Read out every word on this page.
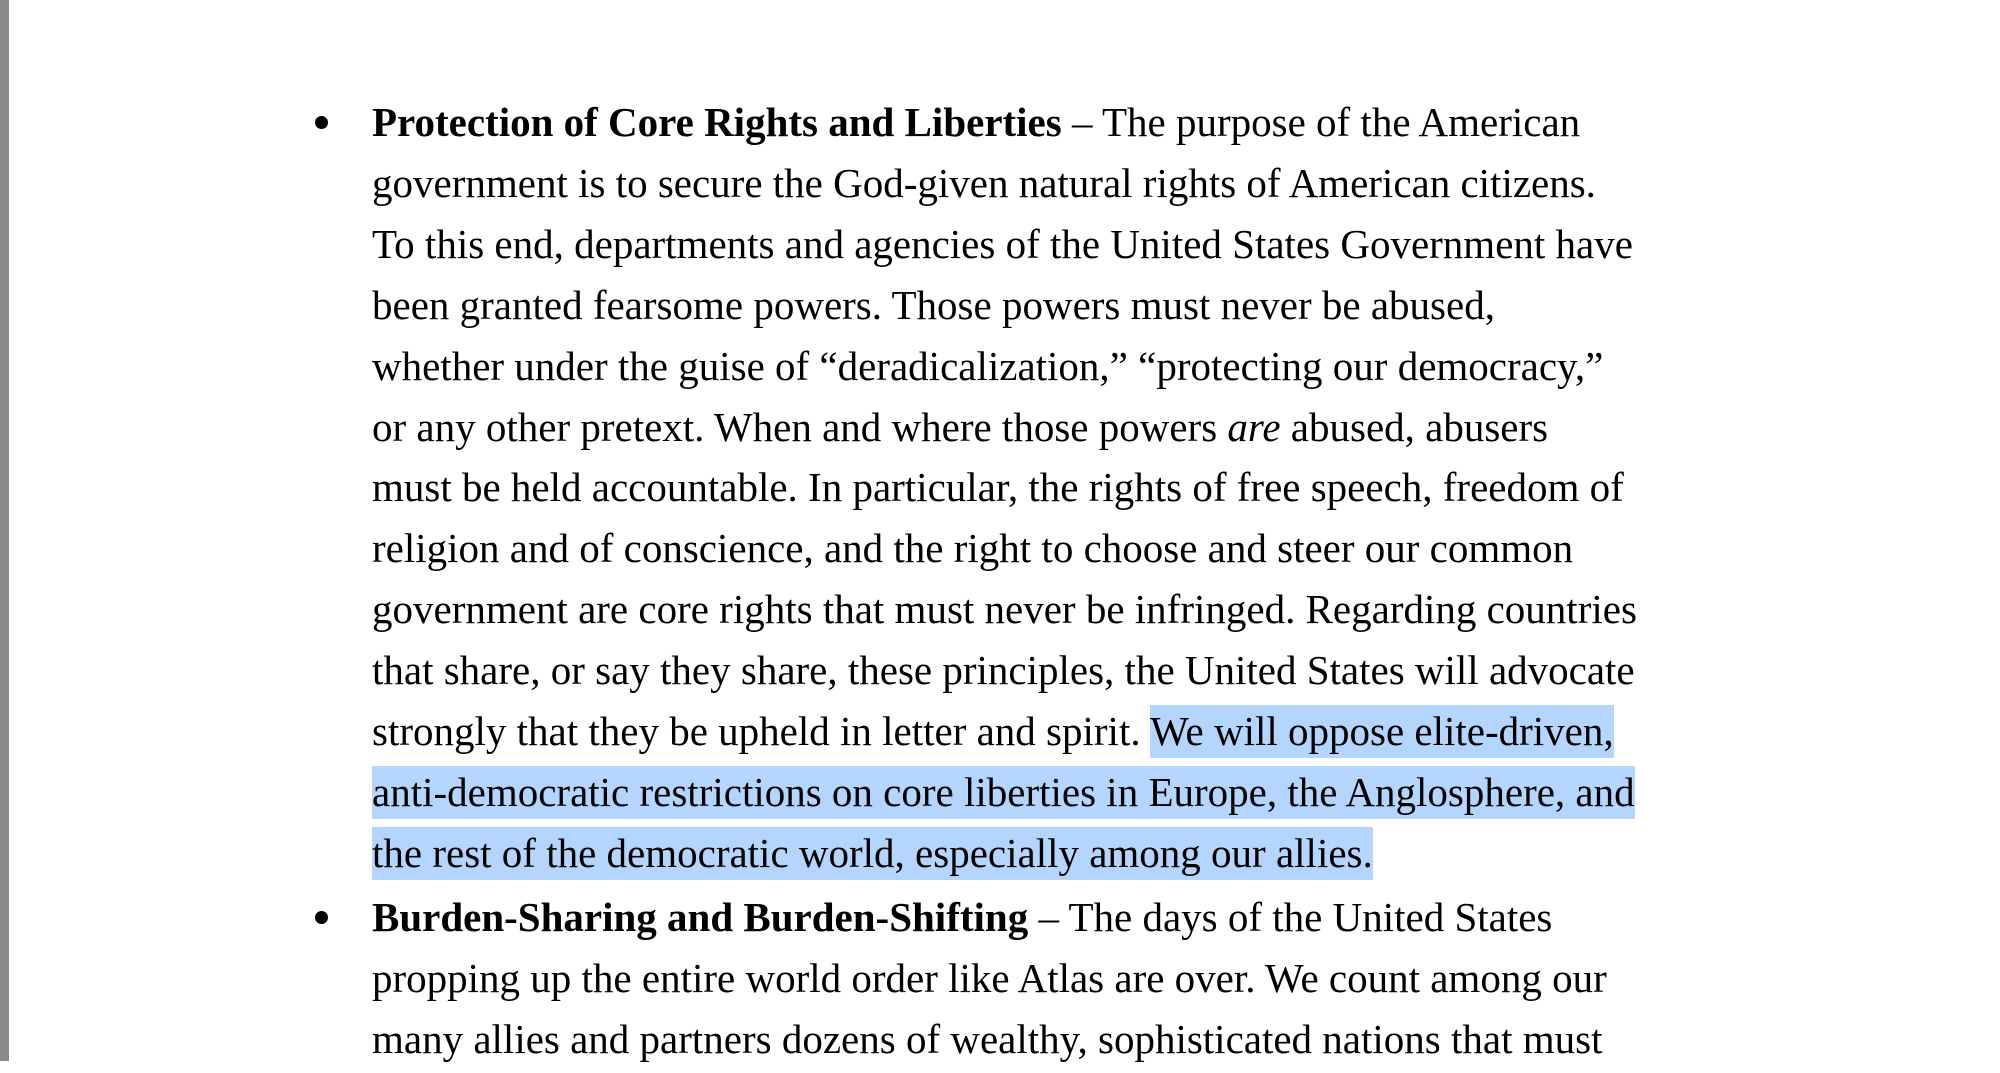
Protection of Core Rights and Liberties – The purpose of the American
government is to secure the God-given natural rights of American citizens.
To this end, departments and agencies of the United States Government have
been granted fearsome powers. Those powers must never be abused,
whether under the guise of “deradicalization,” “protecting our democracy,”
or any other pretext. When and where those powers are abused, abusers
must be held accountable. In particular, the rights of free speech, freedom of
religion and of conscience, and the right to choose and steer our common
government are core rights that must never be infringed. Regarding countries
that share, or say they share, these principles, the United States will advocate
strongly that they be upheld in letter and spirit. We will oppose elite-driven,
anti-democratic restrictions on core liberties in Europe, the Anglosphere, and
the rest of the democratic world, especially among our allies.
Burden-Sharing and Burden-Shifting – The days of the United States
propping up the entire world order like Atlas are over. We count among our
many allies and partners dozens of wealthy, sophisticated nations that must
